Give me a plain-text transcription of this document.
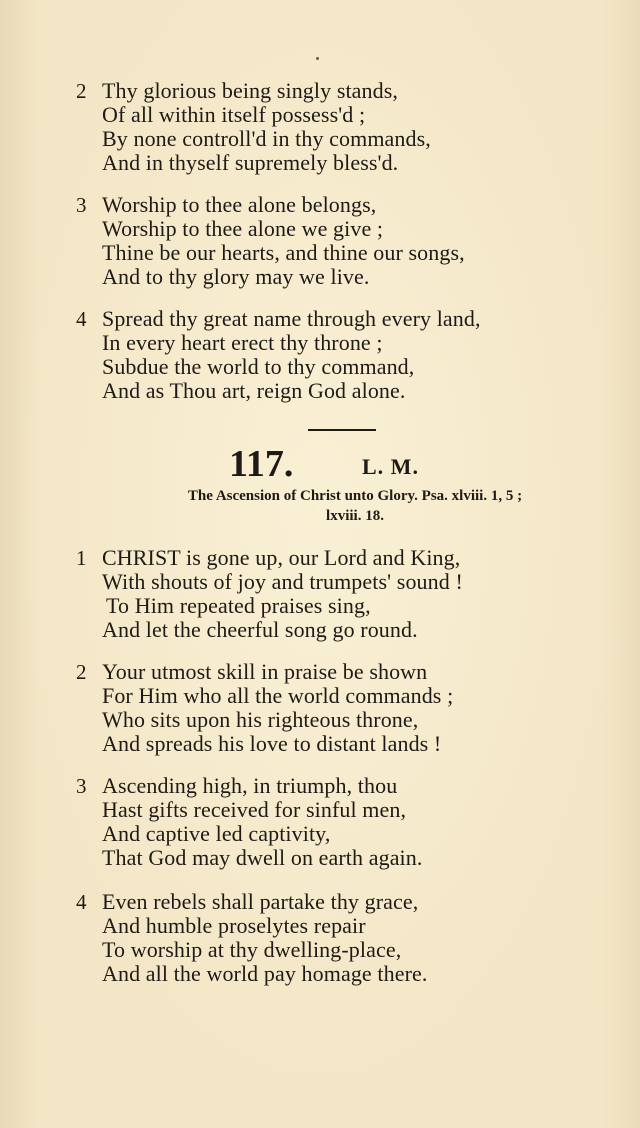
2 Thy glorious being singly stands,
Of all within itself possess'd ;
By none controll'd in thy commands,
And in thyself supremely bless'd.
3 Worship to thee alone belongs,
Worship to thee alone we give ;
Thine be our hearts, and thine our songs,
And to thy glory may we live.
4 Spread thy great name through every land,
In every heart erect thy throne ;
Subdue the world to thy command,
And as Thou art, reign God alone.
117.	L. M.
The Ascension of Christ unto Glory. Psa. xlviii. 1, 5 ;
lxviii. 18.
1 CHRIST is gone up, our Lord and King,
With shouts of joy and trumpets' sound !
To Him repeated praises sing,
And let the cheerful song go round.
2 Your utmost skill in praise be shown
For Him who all the world commands ;
Who sits upon his righteous throne,
And spreads his love to distant lands !
3 Ascending high, in triumph, thou
Hast gifts received for sinful men,
And captive led captivity,
That God may dwell on earth again.
4 Even rebels shall partake thy grace,
And humble proselytes repair
To worship at thy dwelling-place,
And all the world pay homage there.
